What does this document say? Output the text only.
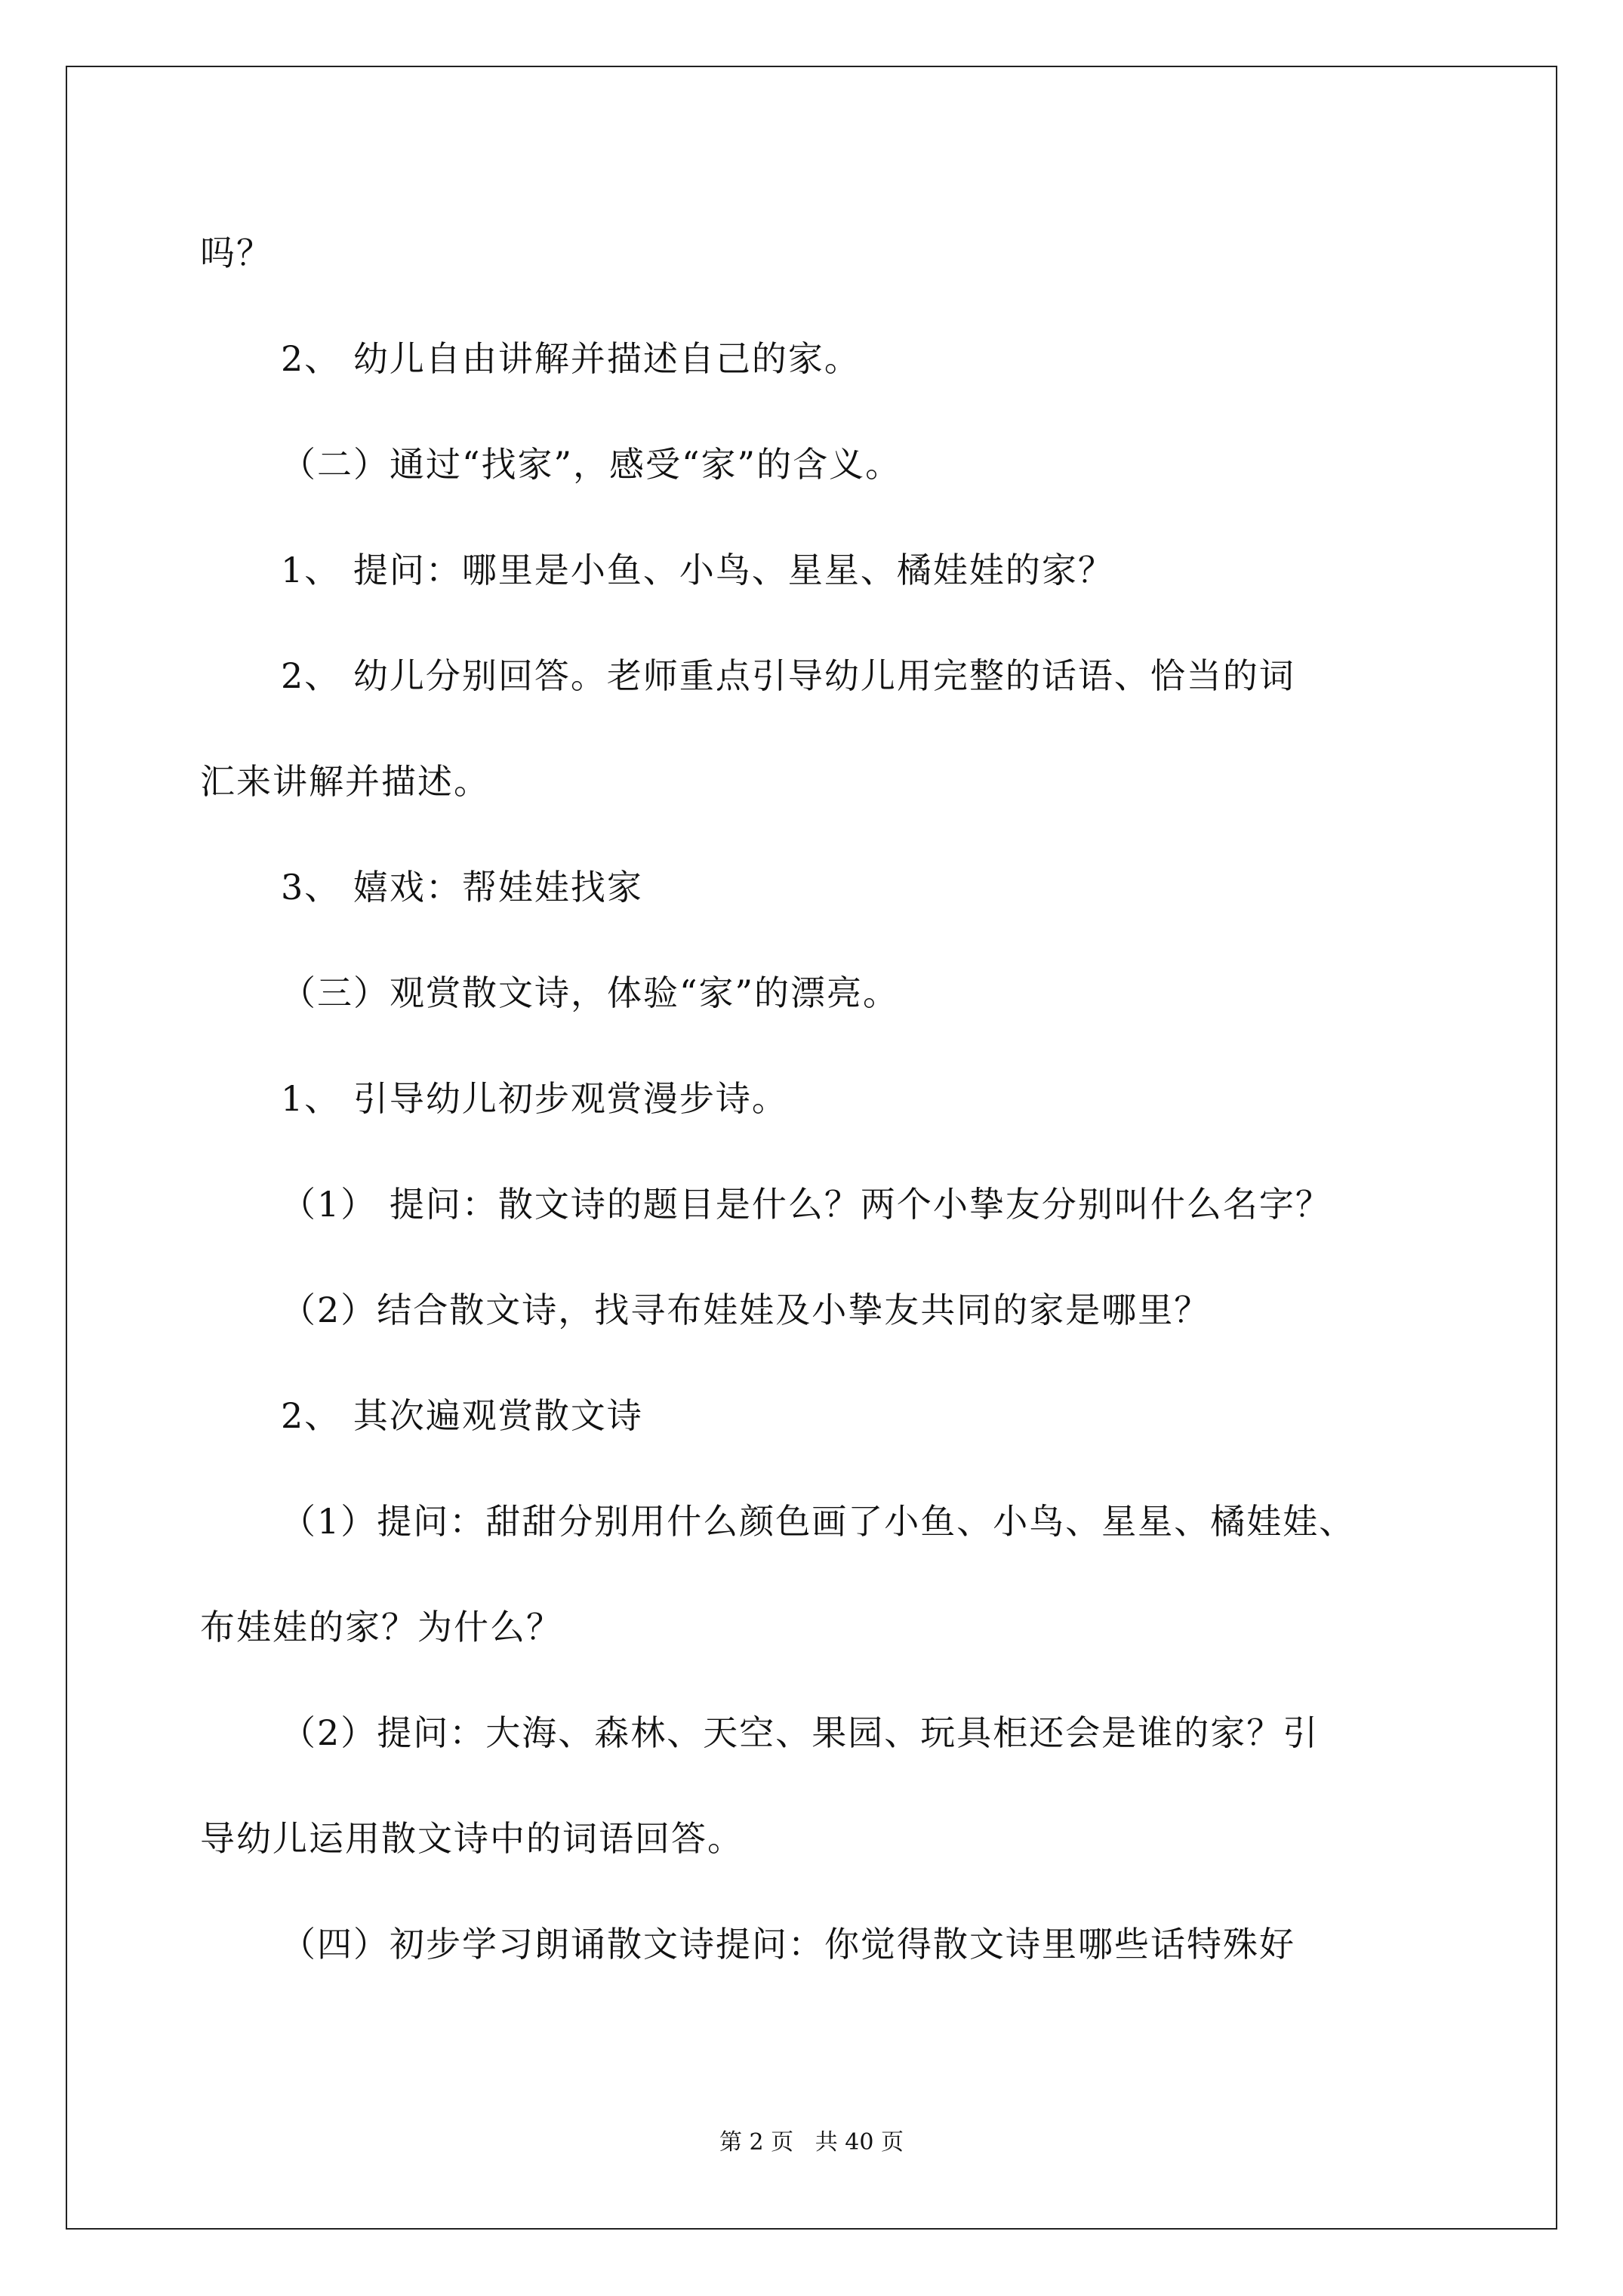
吗？
2、 幼儿自由讲解并描述自己的家。
（二）通过“找家”，感受“家”的含义。
1、 提问：哪里是小鱼、小鸟、星星、橘娃娃的家？
2、 幼儿分别回答。老师重点引导幼儿用完整的话语、恰当的词
汇来讲解并描述。
3、 嬉戏：帮娃娃找家
（三）观赏散文诗，体验“家”的漂亮。
1、 引导幼儿初步观赏漫步诗。
（1） 提问：散文诗的题目是什么？两个小挚友分别叫什么名字？
（2）结合散文诗，找寻布娃娃及小挚友共同的家是哪里？
2、 其次遍观赏散文诗
（1）提问：甜甜分别用什么颜色画了小鱼、小鸟、星星、橘娃娃、
布娃娃的家？为什么？
（2）提问：大海、森林、天空、果园、玩具柜还会是谁的家？引
导幼儿运用散文诗中的词语回答。
（四）初步学习朗诵散文诗提问：你觉得散文诗里哪些话特殊好
第 2 页   共 40 页
